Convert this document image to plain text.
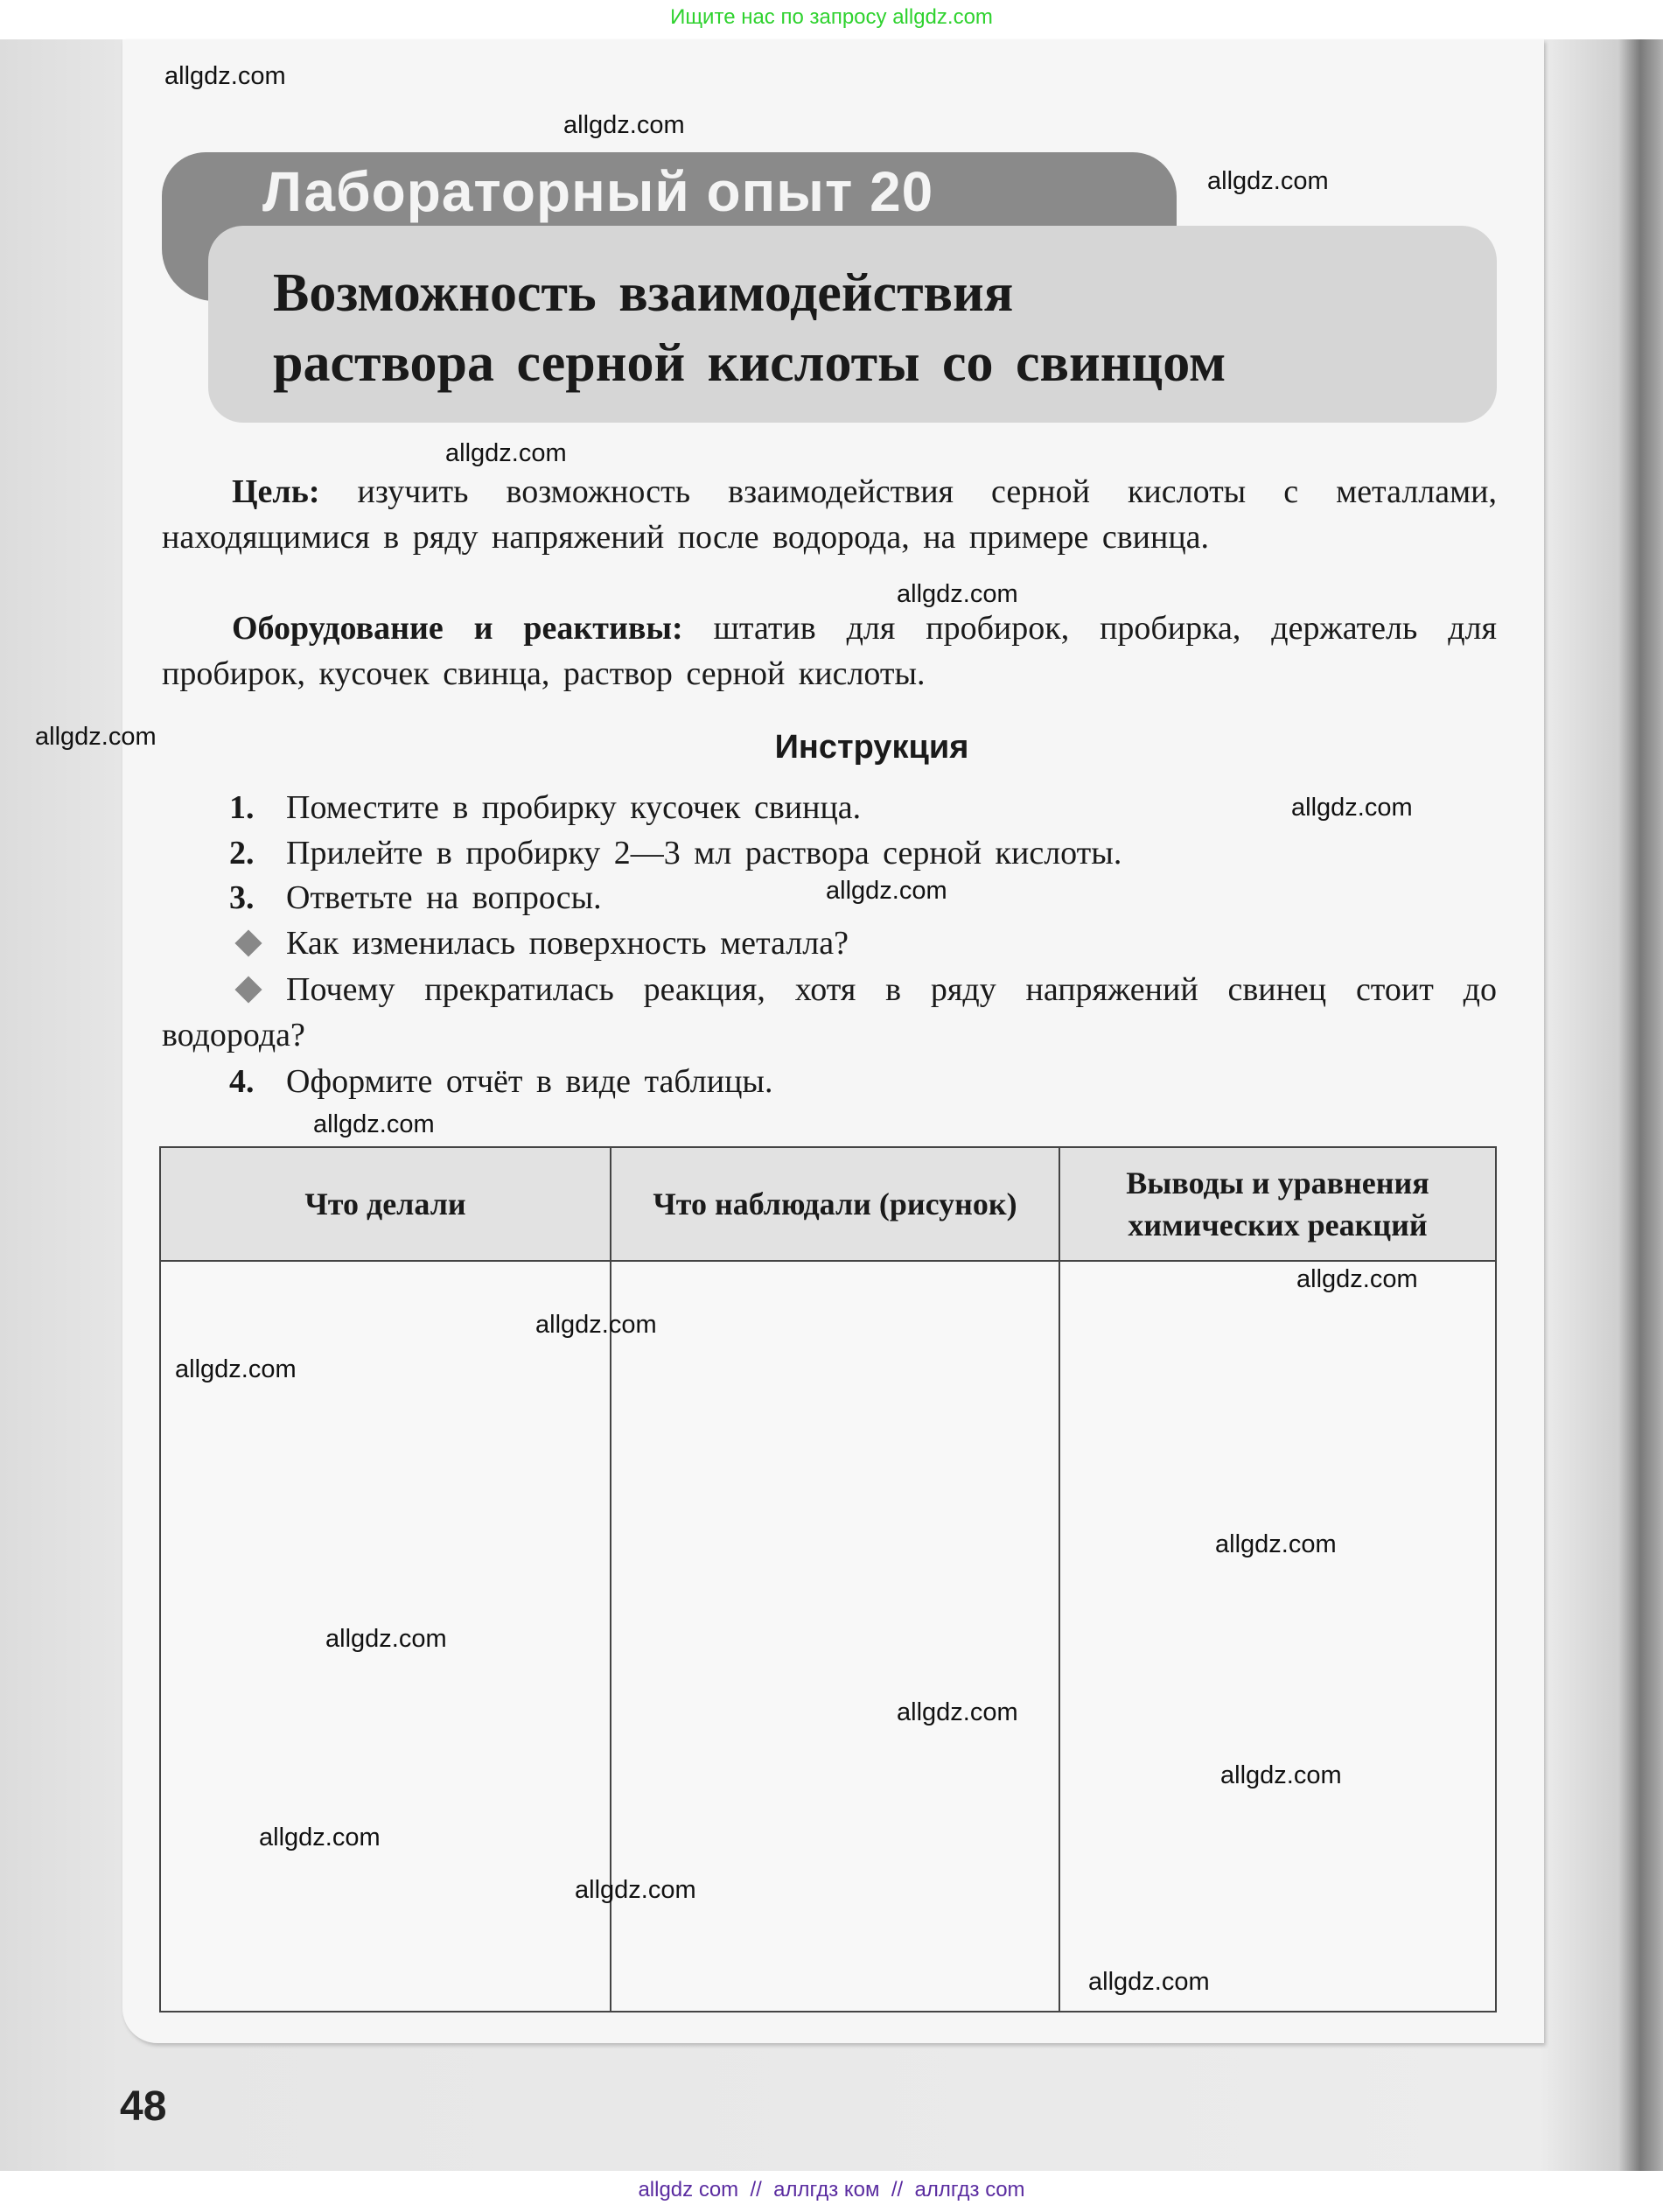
Ищите нас по запросу allgdz.com
Лабораторный опыт 20
Возможность взаимодействия
раствора серной кислоты со свинцом
Цель: изучить возможность взаимодействия серной кислоты с металлами, находящимися в ряду напряжений после водорода, на примере свинца.
Оборудование и реактивы: штатив для пробирок, пробирка, держатель для пробирок, кусочек свинца, раствор серной кислоты.
Инструкция
1. Поместите в пробирку кусочек свинца.
2. Прилейте в пробирку 2—3 мл раствора серной кислоты.
3. Ответьте на вопросы.
Как изменилась поверхность металла?
Почему прекратилась реакция, хотя в ряду напряжений свинец стоит до водорода?
4. Оформите отчёт в виде таблицы.
Что делали	Что наблюдали (рисунок)	Выводы и уравнения химических реакций

48
allgdz.com
allgdz.com
allgdz.com
allgdz.com
allgdz.com
allgdz.com
allgdz.com
allgdz.com
allgdz.com
allgdz.com
allgdz.com
allgdz.com
allgdz.com
allgdz.com
allgdz.com
allgdz.com
allgdz.com
allgdz.com
allgdz.com
allgdz com  //  аллгдз ком  //  аллгдз com
